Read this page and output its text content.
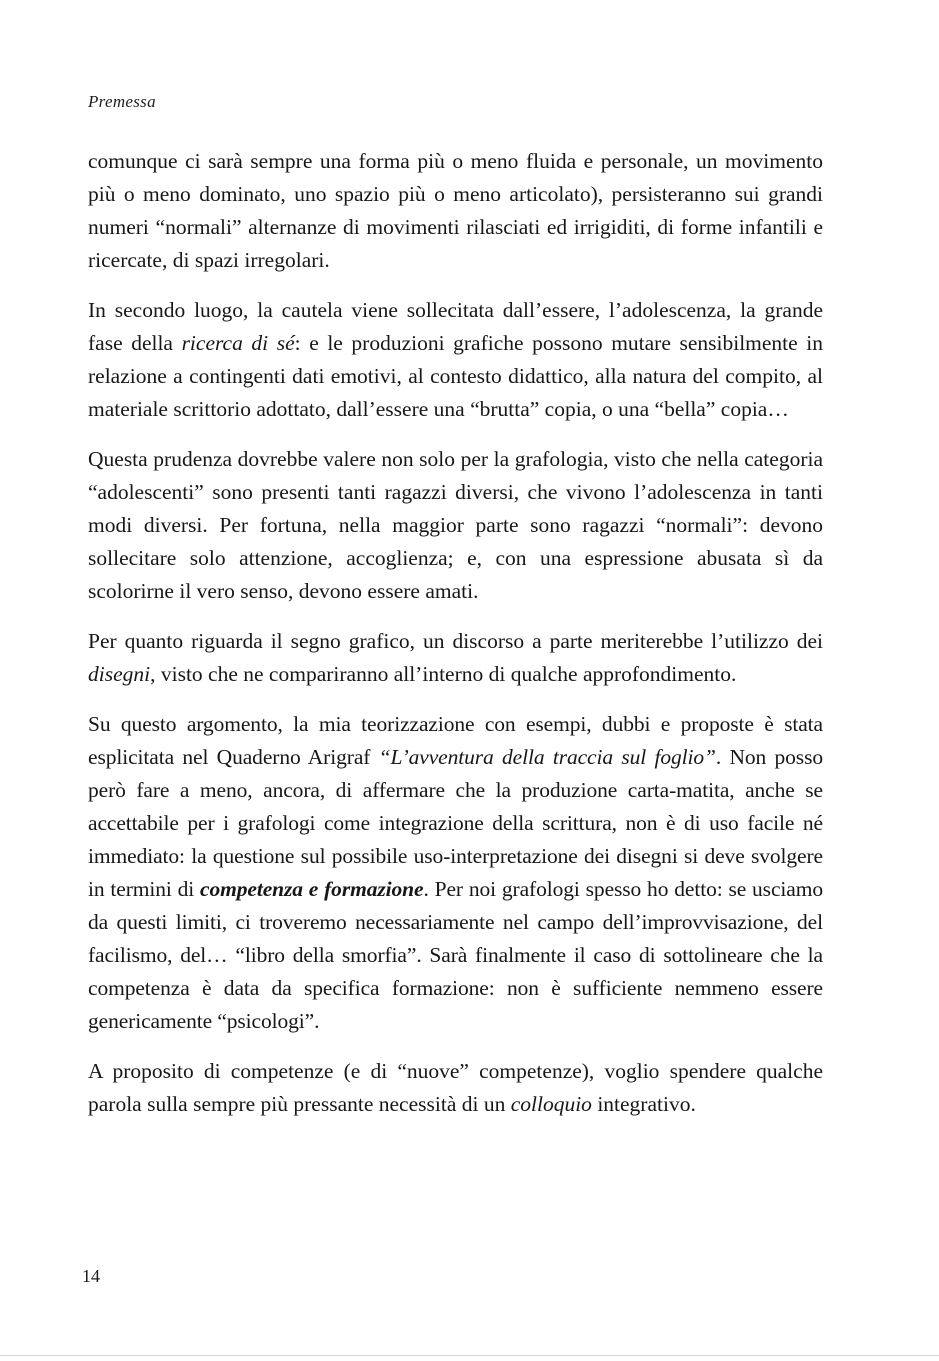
Premessa

comunque ci sarà sempre una forma più o meno fluida e personale, un movimento più o meno dominato, uno spazio più o meno articolato), persisteranno sui grandi numeri “normali” alternanze di movimenti rilasciati ed irrigiditi, di forme infantili e ricercate, di spazi irregolari.

In secondo luogo, la cautela viene sollecitata dall’essere, l’adolescenza, la grande fase della ricerca di sé: e le produzioni grafiche possono mutare sensibilmente in relazione a contingenti dati emotivi, al contesto didattico, alla natura del compito, al materiale scrittorio adottato, dall’essere una “brutta” copia, o una “bella” copia…

Questa prudenza dovrebbe valere non solo per la grafologia, visto che nella categoria “adolescenti” sono presenti tanti ragazzi diversi, che vivono l’adolescenza in tanti modi diversi. Per fortuna, nella maggior parte sono ragazzi “normali”: devono sollecitare solo attenzione, accoglienza; e, con una espressione abusata sì da scolorirne il vero senso, devono essere amati.

Per quanto riguarda il segno grafico, un discorso a parte meriterebbe l’utilizzo dei disegni, visto che ne compariranno all’interno di qualche approfondimento.

Su questo argomento, la mia teorizzazione con esempi, dubbi e proposte è stata esplicitata nel Quaderno Arigraf “L’avventura della traccia sul foglio”. Non posso però fare a meno, ancora, di affermare che la produzione carta-matita, anche se accettabile per i grafologi come integrazione della scrittura, non è di uso facile né immediato: la questione sul possibile uso-interpretazione dei disegni si deve svolgere in termini di competenza e formazione. Per noi grafologi spesso ho detto: se usciamo da questi limiti, ci troveremo necessariamente nel campo dell’improvvisazione, del facilismo, del… “libro della smorfia”. Sarà finalmente il caso di sottolineare che la competenza è data da specifica formazione: non è sufficiente nemmeno essere genericamente “psicologi”.

A proposito di competenze (e di “nuove” competenze), voglio spendere qualche parola sulla sempre più pressante necessità di un colloquio integrativo.

14
